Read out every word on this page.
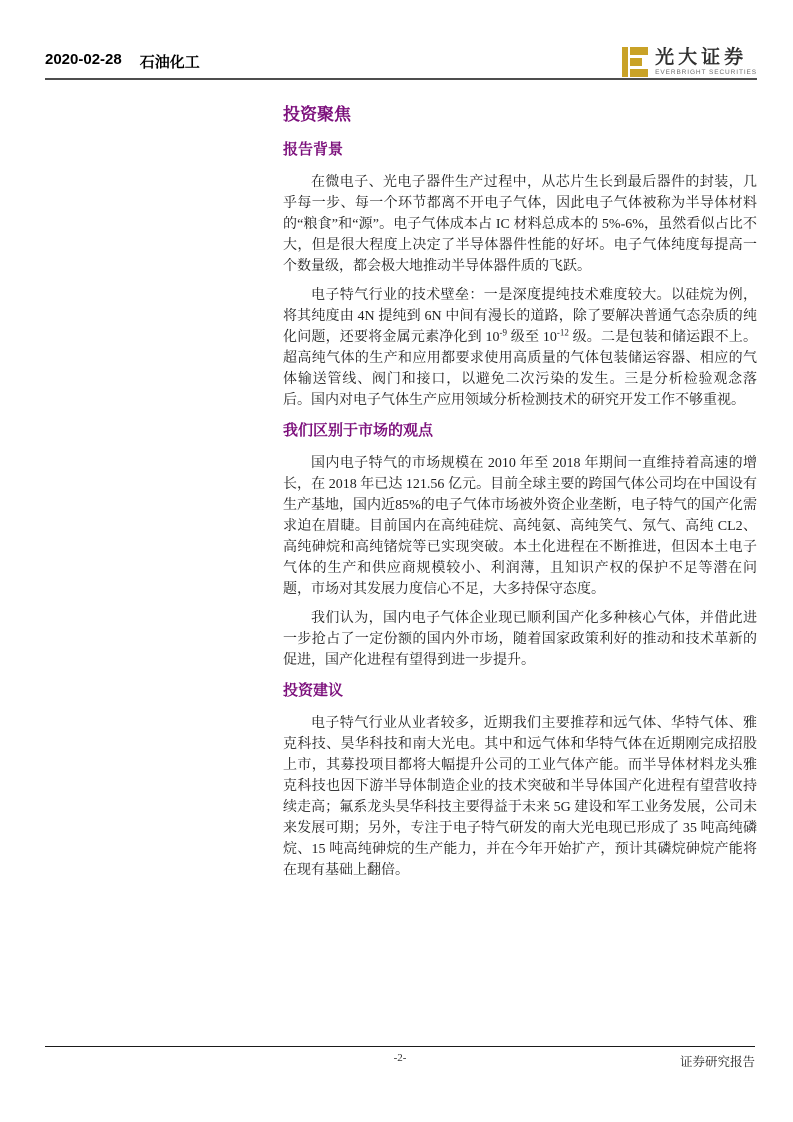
2020-02-28 石油化工	光大证券
EVERBRIGHT SECURITIES
投资聚焦
报告背景

在微电子、光电子器件生产过程中，从芯片生长到最后器件的封装，几乎每一步、每一个环节都离不开电子气体，因此电子气体被称为半导体材料的“粮食”和“源”。电子气体成本占 IC 材料总成本的 5%-6%，虽然看似占比不大，但是很大程度上决定了半导体器件性能的好坏。电子气体纯度每提高一个数量级，都会极大地推动半导体器件质的飞跃。

电子特气行业的技术壁垒：一是深度提纯技术难度较大。以硅烷为例，将其纯度由 4N 提纯到 6N 中间有漫长的道路，除了要解决普通气态杂质的纯化问题，还要将金属元素净化到 $10^{-9}$ 级至 $10^{-12}$ 级。二是包装和储运跟不上。超高纯气体的生产和应用都要求使用高质量的气体包装储运容器、相应的气体输送管线、阀门和接口，以避免二次污染的发生。三是分析检验观念落后。国内对电子气体生产应用领域分析检测技术的研究开发工作不够重视。

我们区别于市场的观点

国内电子特气的市场规模在 2010 年至 2018 年期间一直维持着高速的增长，在 2018 年已达 121.56 亿元。目前全球主要的跨国气体公司均在中国设有生产基地，国内近85%的电子气体市场被外资企业垄断，电子特气的国产化需求迫在眉睫。目前国内在高纯硅烷、高纯氨、高纯笑气、氖气、高纯 CL2、高纯砷烷和高纯锗烷等已实现突破。本土化进程在不断推进，但因本土电子气体的生产和供应商规模较小、利润薄，且知识产权的保护不足等潜在问题，市场对其发展力度信心不足，大多持保守态度。

我们认为，国内电子气体企业现已顺利国产化多种核心气体，并借此进一步抢占了一定份额的国内外市场，随着国家政策利好的推动和技术革新的促进，国产化进程有望得到进一步提升。

投资建议

电子特气行业从业者较多，近期我们主要推荐和远气体、华特气体、雅克科技、昊华科技和南大光电。其中和远气体和华特气体在近期刚完成招股上市，其募投项目都将大幅提升公司的工业气体产能。而半导体材料龙头雅克科技也因下游半导体制造企业的技术突破和半导体国产化进程有望营收持续走高；氟系龙头昊华科技主要得益于未来 5G 建设和军工业务发展，公司未来发展可期；另外，专注于电子特气研发的南大光电现已形成了 35 吨高纯磷烷、15 吨高纯砷烷的生产能力，并在今年开始扩产，预计其磷烷砷烷产能将在现有基础上翻倍。

-2-	证券研究报告
